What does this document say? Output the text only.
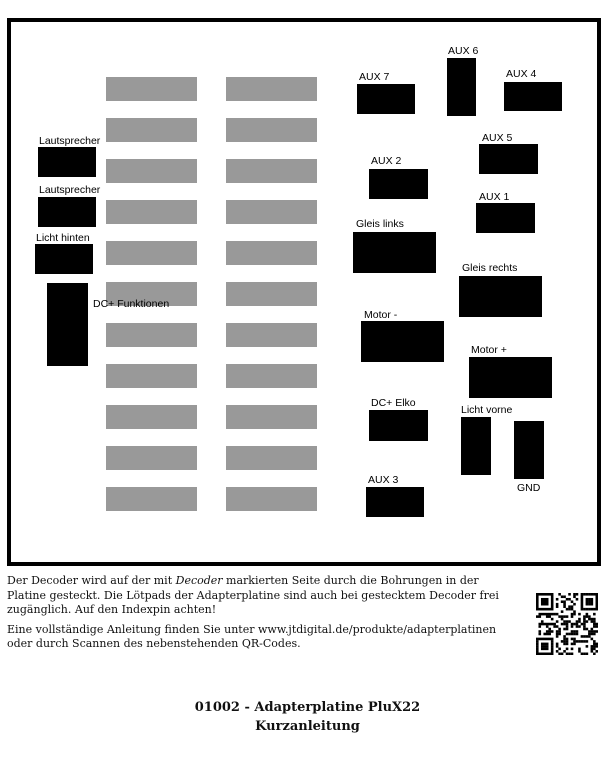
Lautsprecher
Lautsprecher
Licht hinten
DC+ Funktionen
AUX 7
AUX 6
AUX 4
AUX 5
AUX 2
AUX 1
Gleis links
Gleis rechts
Motor -
Motor +
DC+ Elko
Licht vorne
GND
AUX 3

Der Decoder wird auf der mit Decoder markierten Seite durch die Bohrungen in der Platine gesteckt. Die Lötpads der Adapterplatine sind auch bei gestecktem Decoder frei zugänglich. Auf den Indexpin achten!

Eine vollständige Anleitung finden Sie unter www.jtdigital.de/produkte/adapterplatinen oder durch Scannen des nebenstehenden QR-Codes.

01002 - Adapterplatine PluX22
Kurzanleitung
